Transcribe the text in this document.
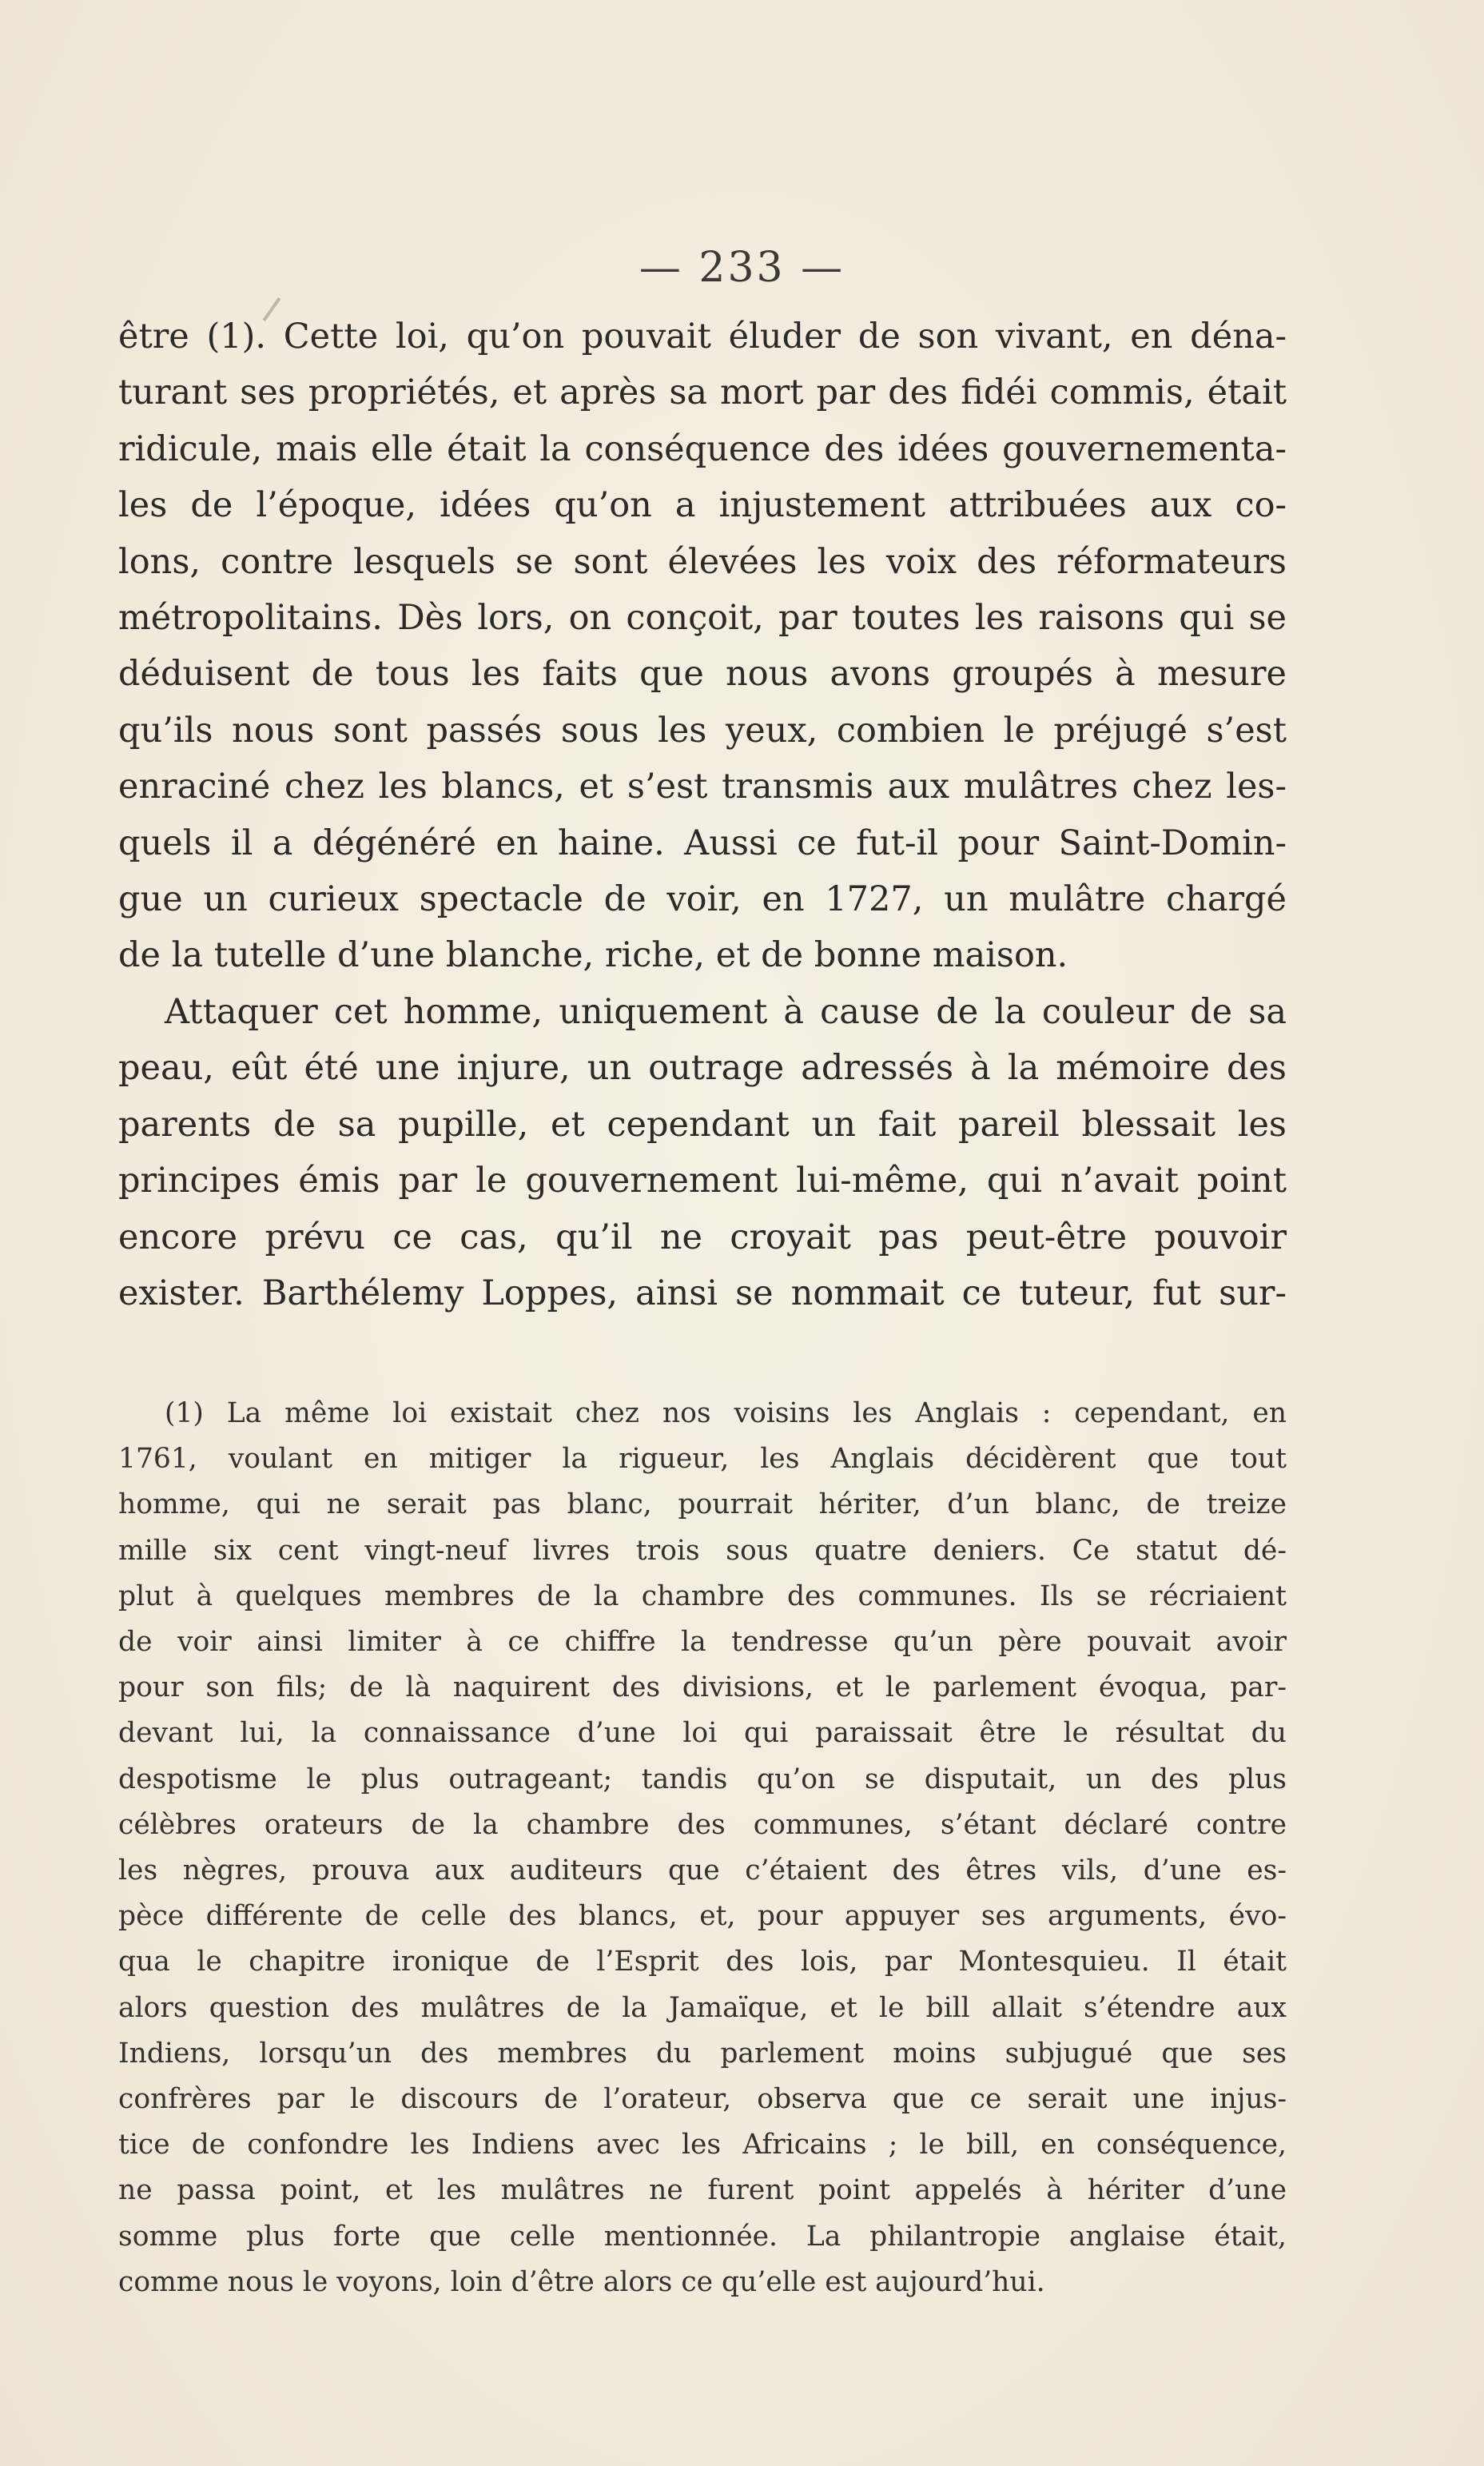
— 233 —
être (1). Cette loi, qu’on pouvait éluder de son vivant, en déna-
turant ses propriétés, et après sa mort par des fidéi commis, était
ridicule, mais elle était la conséquence des idées gouvernementa-
les de l’époque, idées qu’on a injustement attribuées aux co-
lons, contre lesquels se sont élevées les voix des réformateurs
métropolitains. Dès lors, on conçoit, par toutes les raisons qui se
déduisent de tous les faits que nous avons groupés à mesure
qu’ils nous sont passés sous les yeux, combien le préjugé s’est
enraciné chez les blancs, et s’est transmis aux mulâtres chez les-
quels il a dégénéré en haine. Aussi ce fut-il pour Saint-Domin-
gue un curieux spectacle de voir, en 1727, un mulâtre chargé
de la tutelle d’une blanche, riche, et de bonne maison.
Attaquer cet homme, uniquement à cause de la couleur de sa
peau, eût été une injure, un outrage adressés à la mémoire des
parents de sa pupille, et cependant un fait pareil blessait les
principes émis par le gouvernement lui-même, qui n’avait point
encore prévu ce cas, qu’il ne croyait pas peut-être pouvoir
exister. Barthélemy Loppes, ainsi se nommait ce tuteur, fut sur-
(1) La même loi existait chez nos voisins les Anglais : cependant, en
1761, voulant en mitiger la rigueur, les Anglais décidèrent que tout
homme, qui ne serait pas blanc, pourrait hériter, d’un blanc, de treize
mille six cent vingt-neuf livres trois sous quatre deniers. Ce statut dé-
plut à quelques membres de la chambre des communes. Ils se récriaient
de voir ainsi limiter à ce chiffre la tendresse qu’un père pouvait avoir
pour son fils; de là naquirent des divisions, et le parlement évoqua, par-
devant lui, la connaissance d’une loi qui paraissait être le résultat du
despotisme le plus outrageant; tandis qu’on se disputait, un des plus
célèbres orateurs de la chambre des communes, s’étant déclaré contre
les nègres, prouva aux auditeurs que c’étaient des êtres vils, d’une es-
pèce différente de celle des blancs, et, pour appuyer ses arguments, évo-
qua le chapitre ironique de l’Esprit des lois, par Montesquieu. Il était
alors question des mulâtres de la Jamaïque, et le bill allait s’étendre aux
Indiens, lorsqu’un des membres du parlement moins subjugué que ses
confrères par le discours de l’orateur, observa que ce serait une injus-
tice de confondre les Indiens avec les Africains ; le bill, en conséquence,
ne passa point, et les mulâtres ne furent point appelés à hériter d’une
somme plus forte que celle mentionnée. La philantropie anglaise était,
comme nous le voyons, loin d’être alors ce qu’elle est aujourd’hui.
